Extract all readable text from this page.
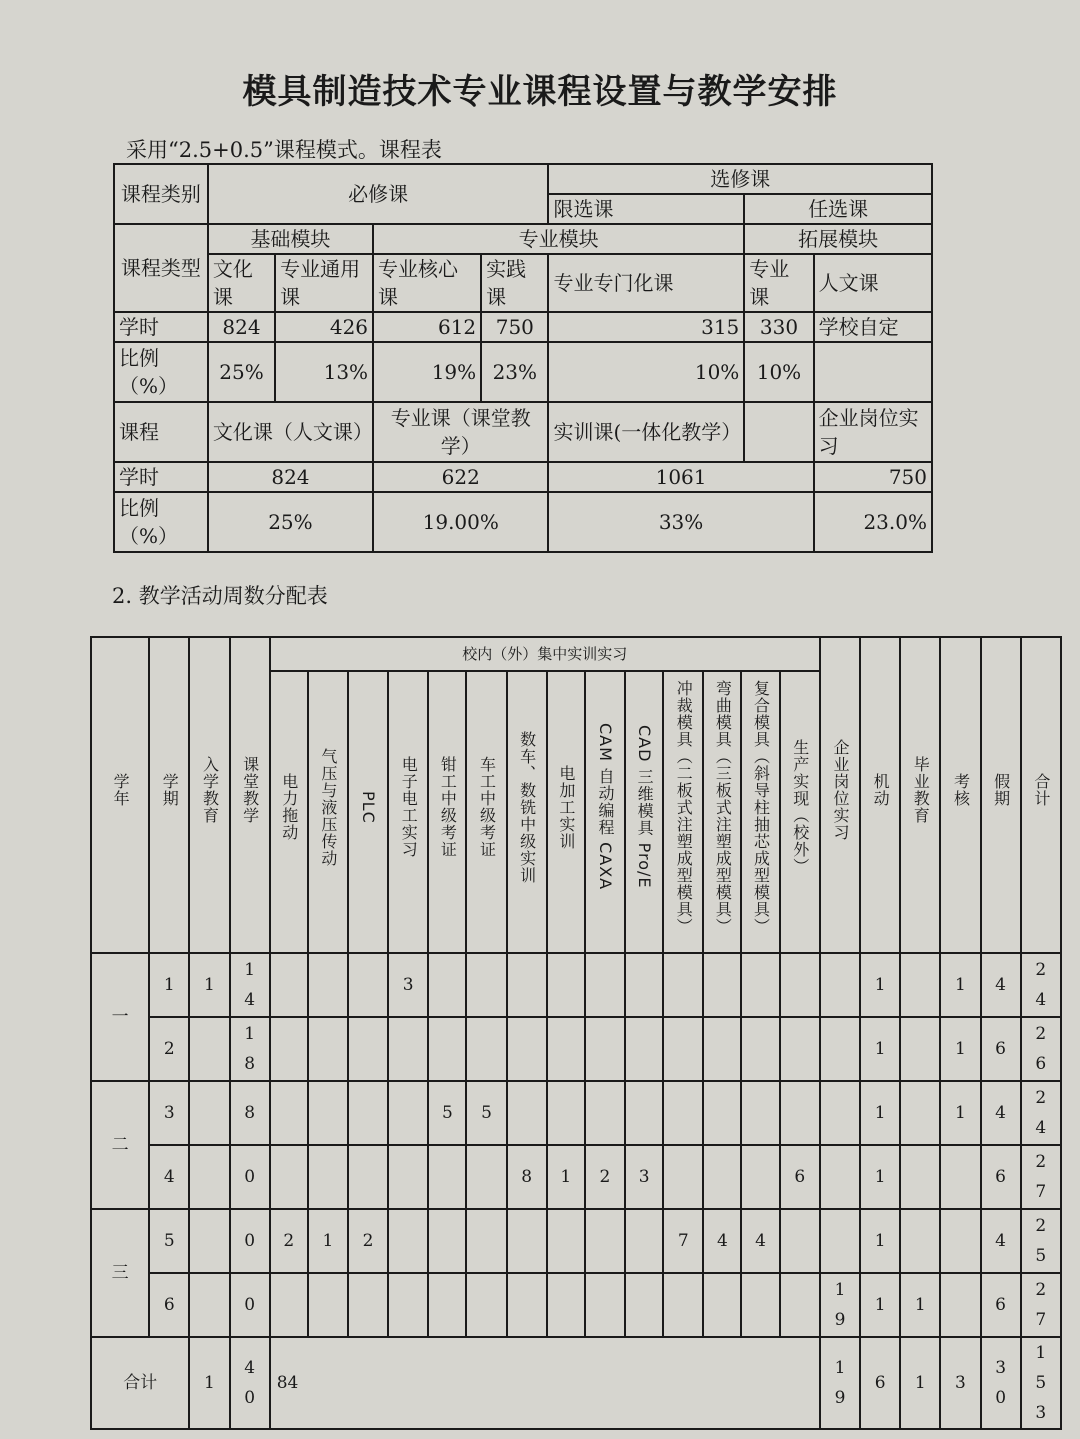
模具制造技术专业课程设置与教学安排
采用“2.5+0.5”课程模式。课程表
课程类别	必修课				选修课		
					限选课	任选课	
课程类型	基础模块		专业模块			拓展模块	
	文化课	专业通用课	专业核心课	实践课	专业专门化课	专业课	人文课
学时	824	426	612	750	315	330	学校自定
比例（%）	25%	13%	19%	23%	10%	10%	
课程	文化课（人文课）		专业课（课堂教学）		实训课(一体化教学）		企业岗位实习
学时	824		622		1061		750
比例（%）	25%		19.00%		33%		23.0%
2. 教学活动周数分配表
学年	学期	入学教育	课堂教学	校内（外）集中实训实习														企业岗位实习	机动	毕业教育	考核	假期	合计
				电力拖动	气压与液压传动	PLC	电子电工实习	钳工中级考证	车工中级考证	数车、数铣中级实训	电加工实训	CAM 自动编程 CAXA	CAD 三维模具 Pro/E	冲裁模具（二板式注塑成型模具）	弯曲模具（三板式注塑成型模具）	复合模具（斜导柱抽芯成型模具）	生产实现（校外）						
一	1	1	14				3												1		1	4	24
	2		18																1		1	6	26
二	3		8					5	5										1		1	4	24
	4		0							8	1	2	3				6		1			6	27
三	5		0	2	1	2								7	4	4			1			4	25
	6		0															19	1	1		6	27
合计		1	40	84														19	6	1	3	30	153
